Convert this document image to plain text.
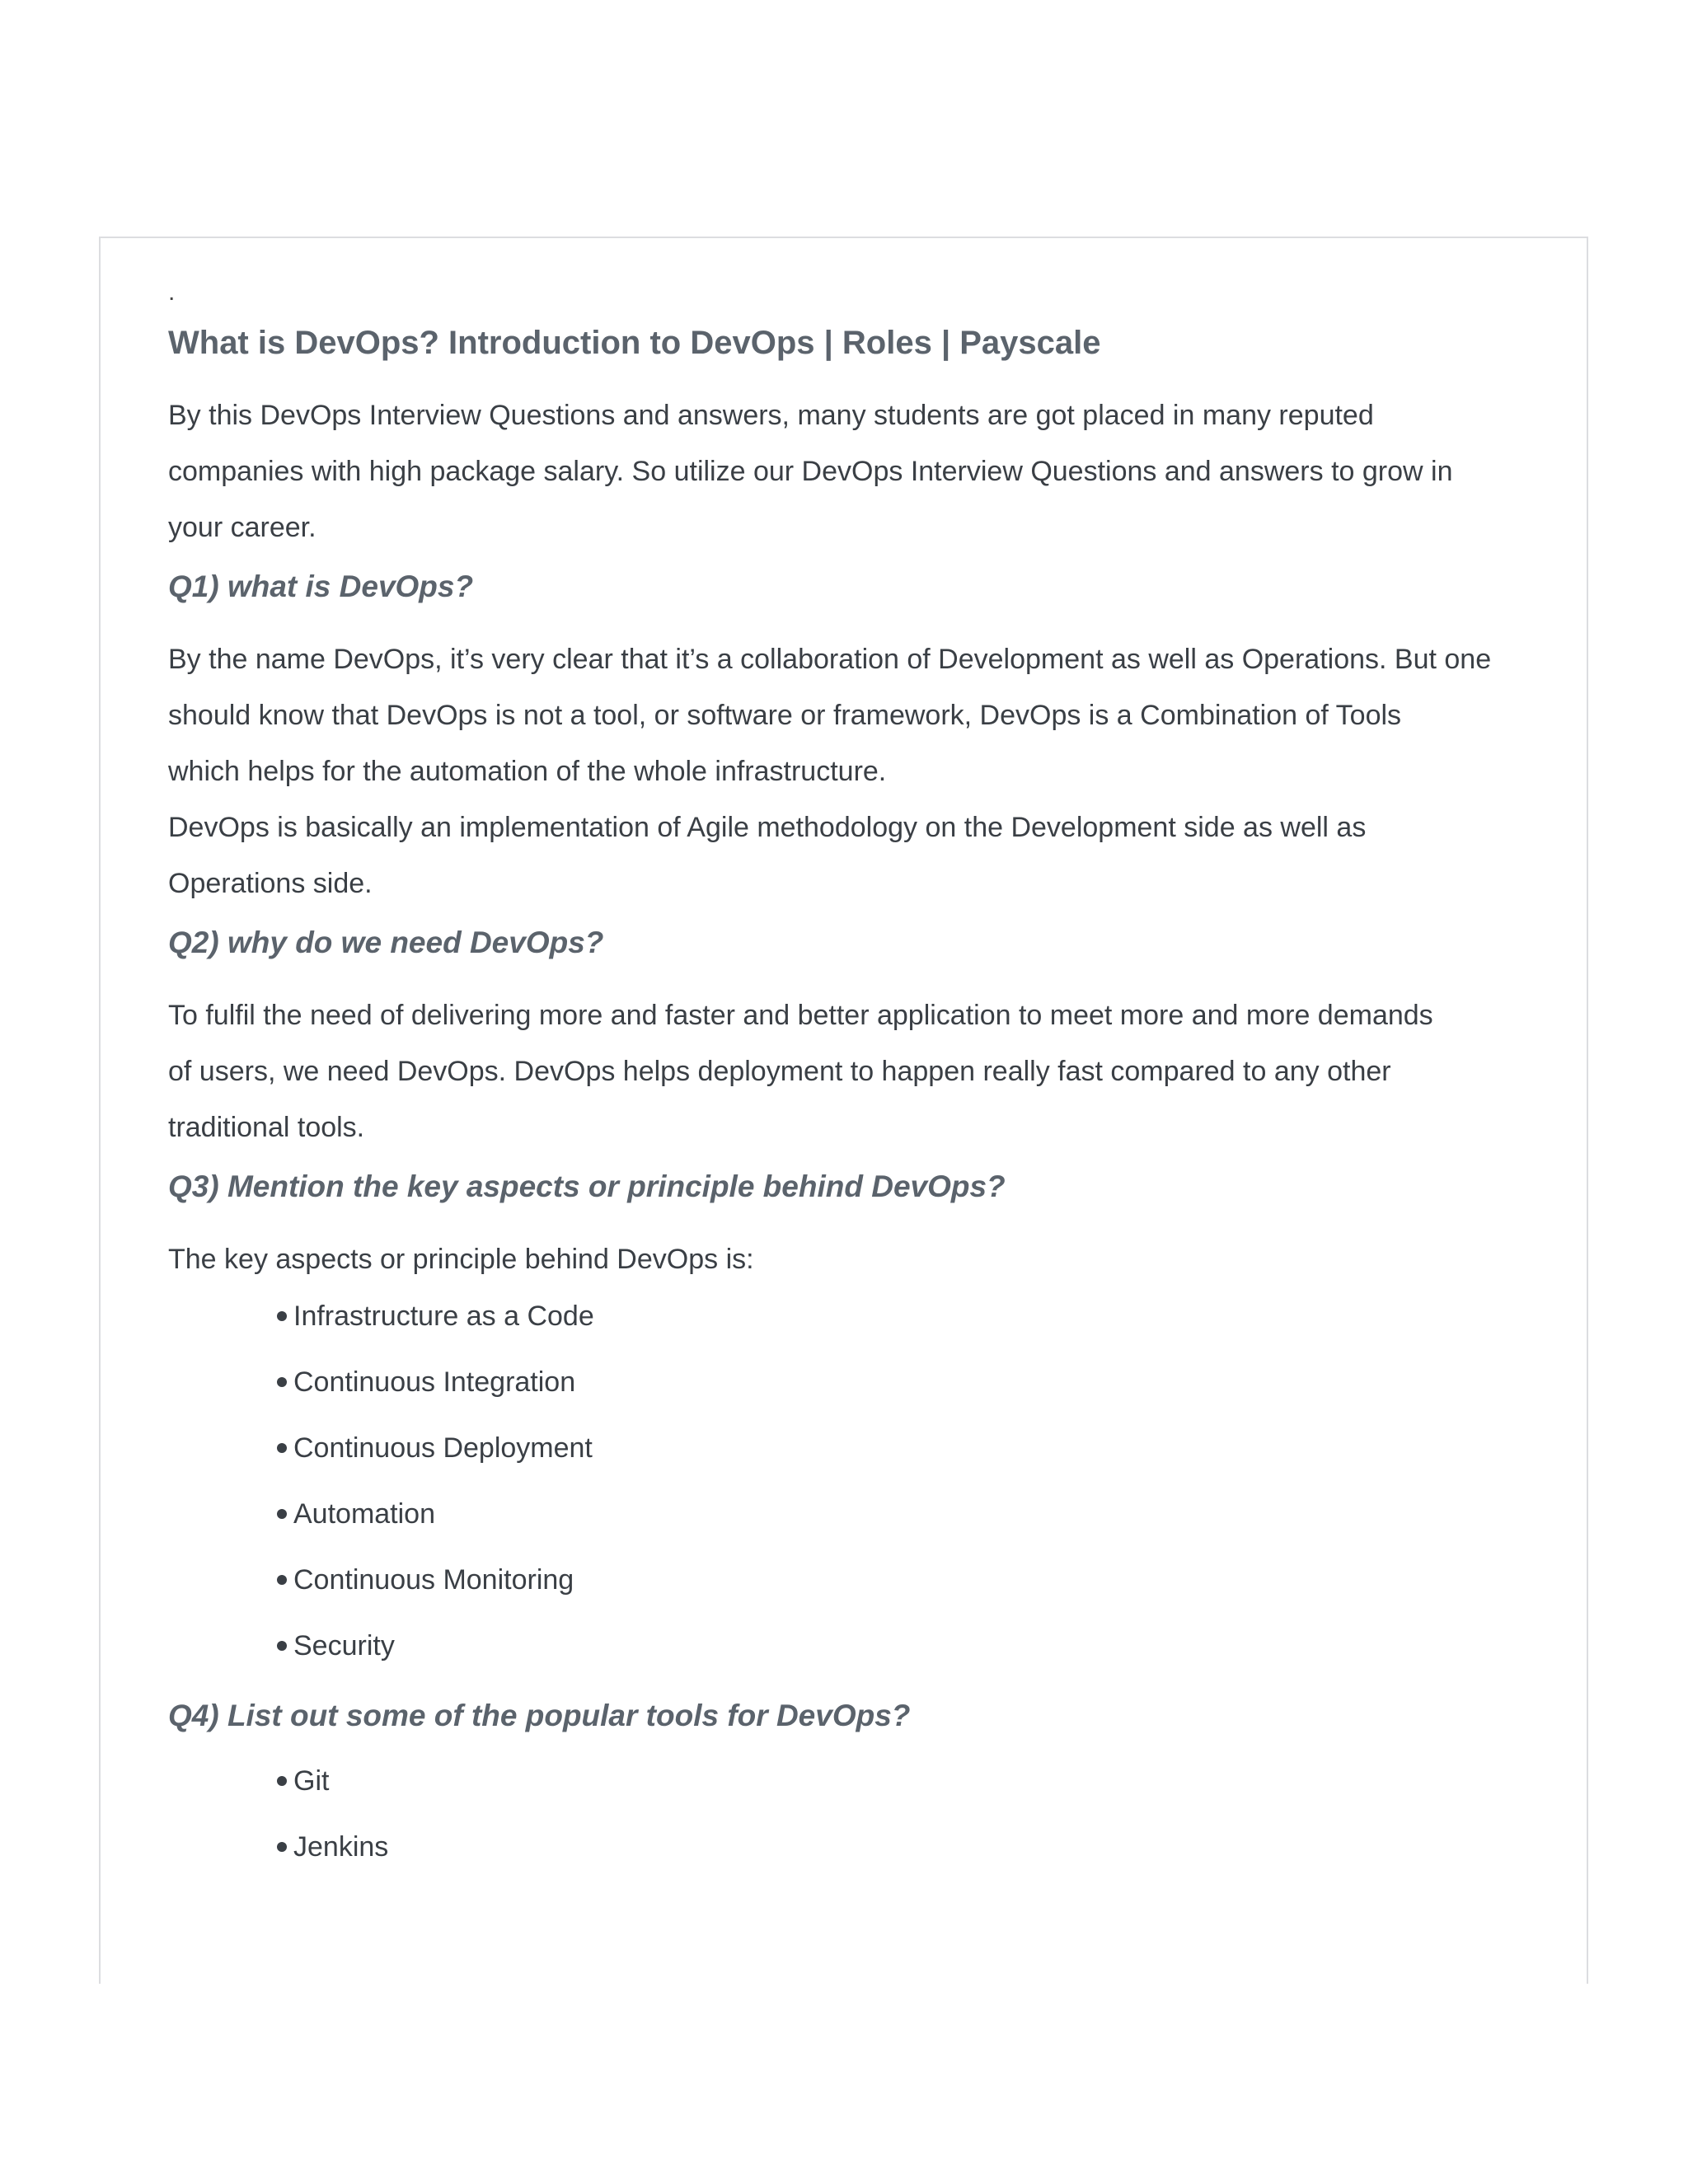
.
What is DevOps? Introduction to DevOps | Roles | Payscale

By this DevOps Interview Questions and answers, many students are got placed in many reputed

companies with high package salary. So utilize our DevOps Interview Questions and answers to grow in

your career.

Q1) what is DevOps?

By the name DevOps, it’s very clear that it’s a collaboration of Development as well as Operations. But one

should know that DevOps is not a tool, or software or framework, DevOps is a Combination of Tools

which helps for the automation of the whole infrastructure.

DevOps is basically an implementation of Agile methodology on the Development side as well as

Operations side.

Q2) why do we need DevOps?

To fulfil the need of delivering more and faster and better application to meet more and more demands

of users, we need DevOps. DevOps helps deployment to happen really fast compared to any other

traditional tools.

Q3) Mention the key aspects or principle behind DevOps?

The key aspects or principle behind DevOps is:

Infrastructure as a Code
Continuous Integration
Continuous Deployment
Automation
Continuous Monitoring
Security
Q4) List out some of the popular tools for DevOps?
Git
Jenkins
